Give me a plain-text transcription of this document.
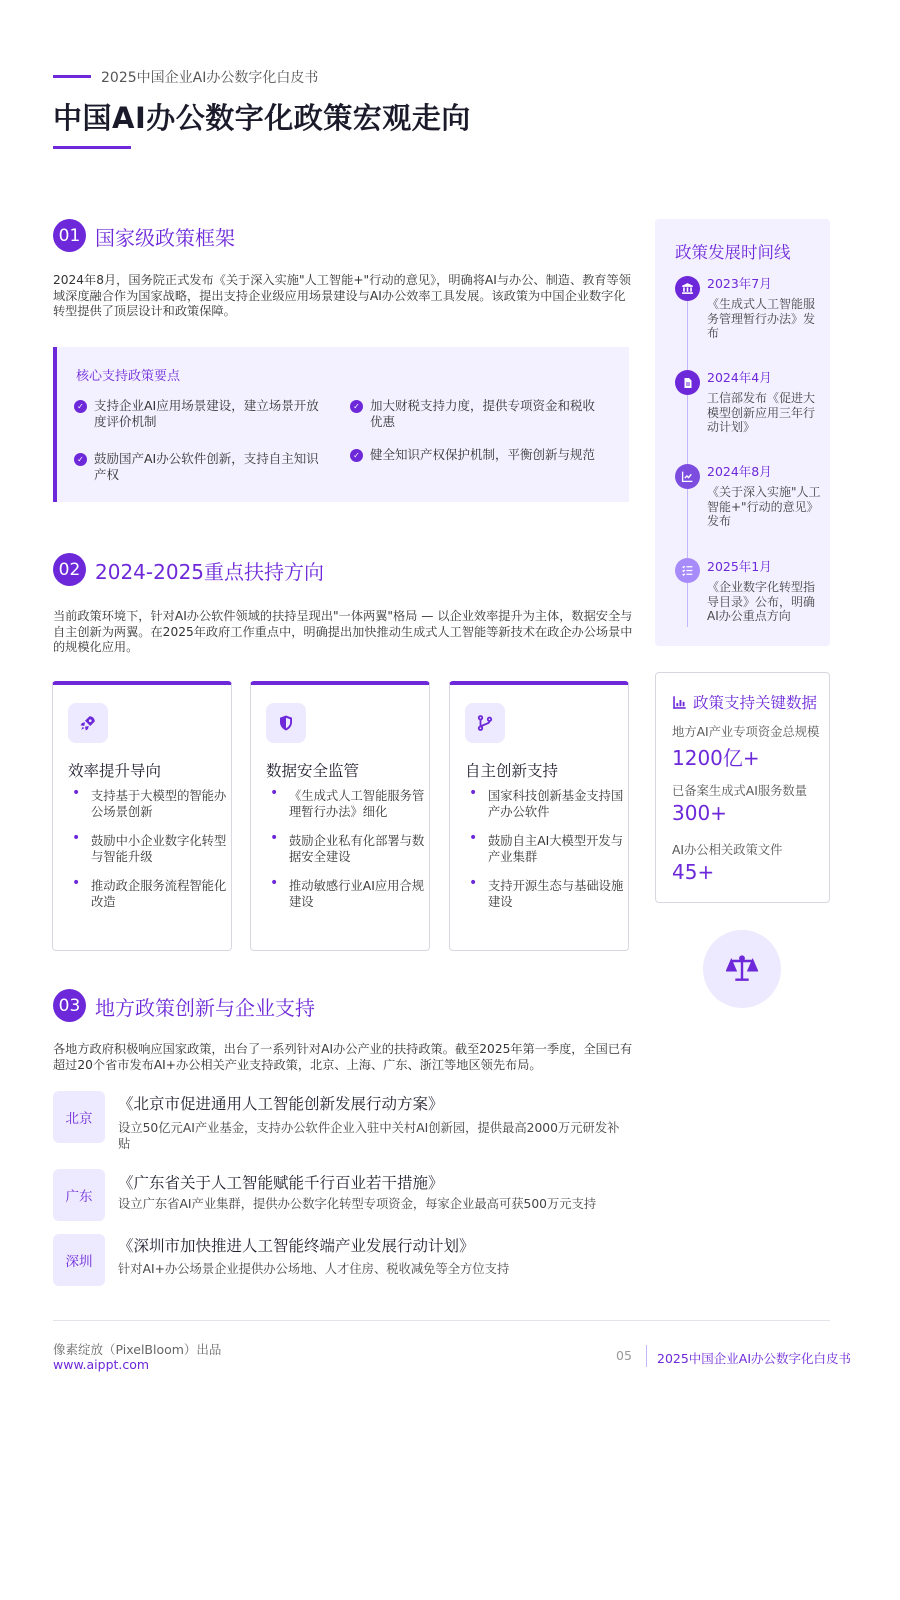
2025中国企业AI办公数字化白皮书
中国AI办公数字化政策宏观走向
01 国家级政策框架
2024年8月，国务院正式发布《关于深入实施"人工智能+"行动的意见》，明确将AI与办公、制造、教育等领域深度融合作为国家战略，提出支持企业级应用场景建设与AI办公效率工具发展。该政策为中国企业数字化转型提供了顶层设计和政策保障。
核心支持政策要点
✓ 支持企业AI应用场景建设，建立场景开放度评价机制
✓ 加大财税支持力度，提供专项资金和税收优惠
✓ 鼓励国产AI办公软件创新，支持自主知识产权
✓ 健全知识产权保护机制，平衡创新与规范
02 2024-2025重点扶持方向
当前政策环境下，针对AI办公软件领域的扶持呈现出"一体两翼"格局 — 以企业效率提升为主体，数据安全与自主创新为两翼。在2025年政府工作重点中，明确提出加快推动生成式人工智能等新技术在政企办公场景中的规模化应用。
效率提升导向
• 支持基于大模型的智能办公场景创新
• 鼓励中小企业数字化转型与智能升级
• 推动政企服务流程智能化改造
数据安全监管
• 《生成式人工智能服务管理暂行办法》细化
• 鼓励企业私有化部署与数据安全建设
• 推动敏感行业AI应用合规建设
自主创新支持
• 国家科技创新基金支持国产办公软件
• 鼓励自主AI大模型开发与产业集群
• 支持开源生态与基础设施建设
03 地方政策创新与企业支持
各地方政府积极响应国家政策，出台了一系列针对AI办公产业的扶持政策。截至2025年第一季度，全国已有超过20个省市发布AI+办公相关产业支持政策，北京、上海、广东、浙江等地区领先布局。
北京
《北京市促进通用人工智能创新发展行动方案》
设立50亿元AI产业基金，支持办公软件企业入驻中关村AI创新园，提供最高2000万元研发补贴
广东
《广东省关于人工智能赋能千行百业若干措施》
设立广东省AI产业集群，提供办公数字化转型专项资金，每家企业最高可获500万元支持
深圳
《深圳市加快推进人工智能终端产业发展行动计划》
针对AI+办公场景企业提供办公场地、人才住房、税收减免等全方位支持
政策发展时间线
2023年7月
《生成式人工智能服务管理暂行办法》发布
2024年4月
工信部发布《促进大模型创新应用三年行动计划》
2024年8月
《关于深入实施"人工智能+"行动的意见》发布
2025年1月
《企业数字化转型指导目录》公布，明确AI办公重点方向
政策支持关键数据
地方AI产业专项资金总规模
1200亿+
已备案生成式AI服务数量
300+
AI办公相关政策文件
45+
像素绽放（PixelBloom）出品
www.aippt.com
05 2025中国企业AI办公数字化白皮书
